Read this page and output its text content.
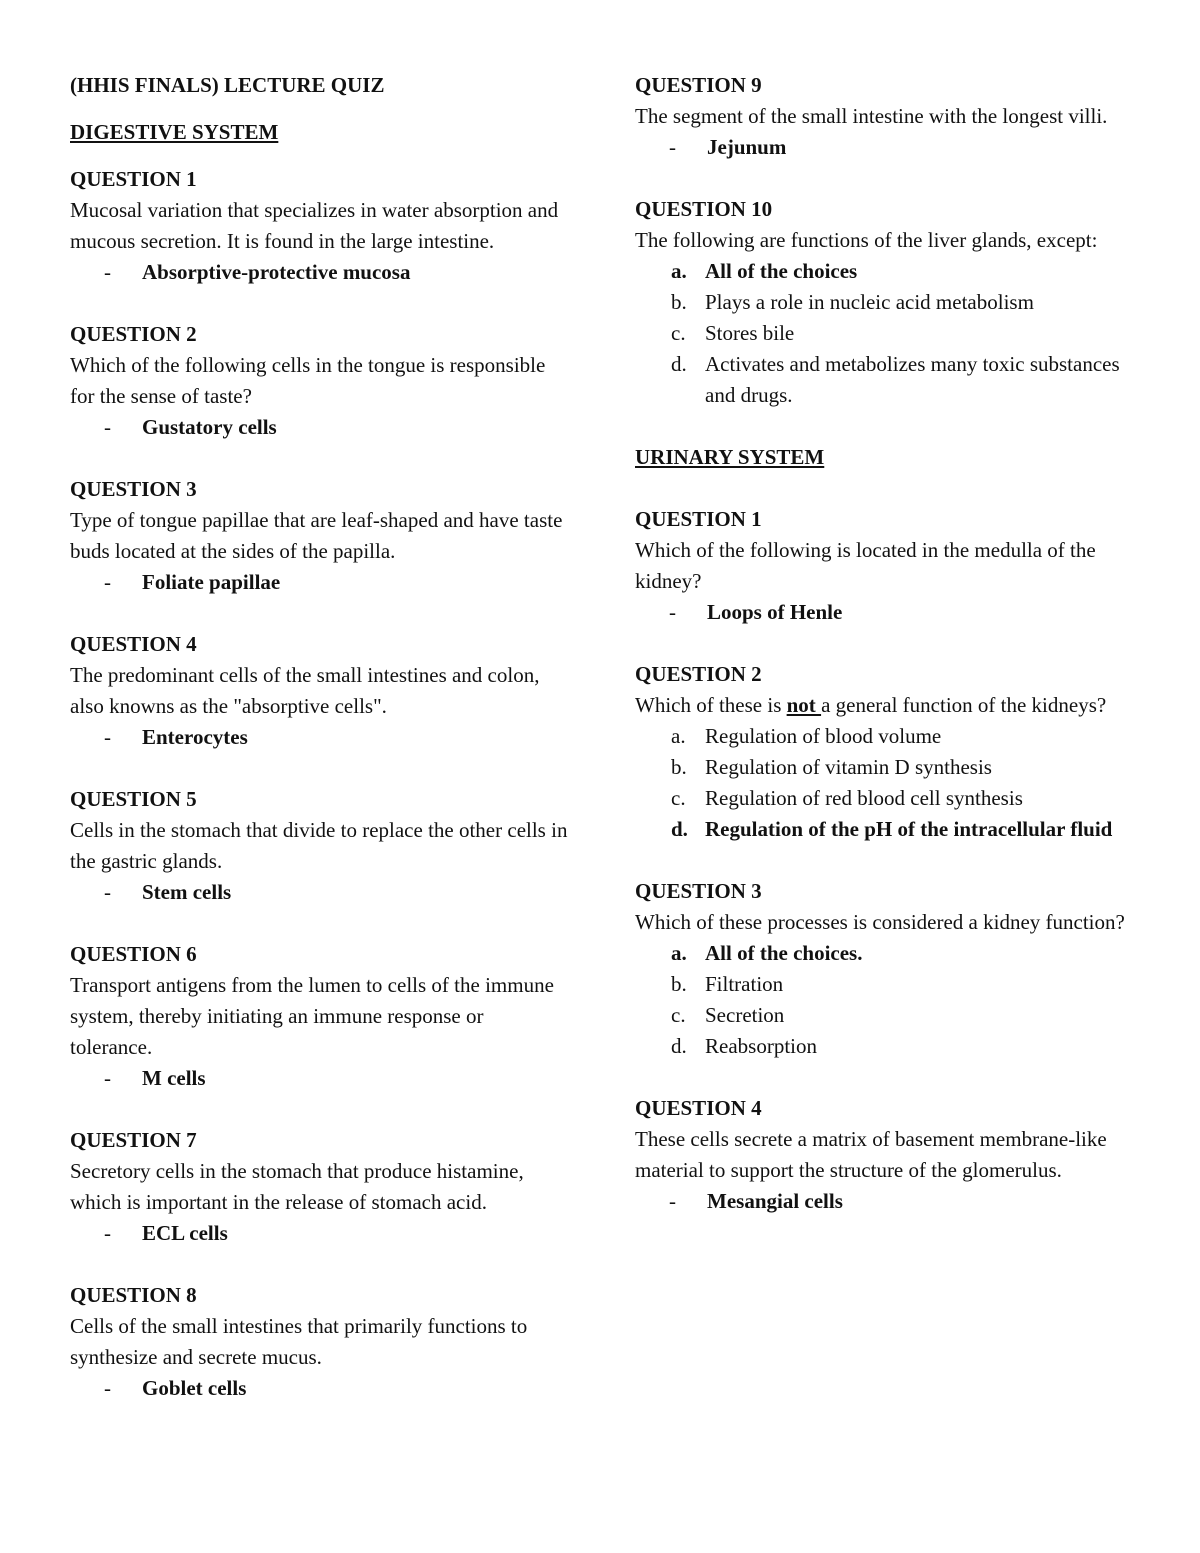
(HHIS FINALS) LECTURE QUIZ
DIGESTIVE SYSTEM
QUESTION 1
Mucosal variation that specializes in water absorption and mucous secretion. It is found in the large intestine.
- Absorptive-protective mucosa
QUESTION 2
Which of the following cells in the tongue is responsible for the sense of taste?
- Gustatory cells
QUESTION 3
Type of tongue papillae that are leaf-shaped and have taste buds located at the sides of the papilla.
- Foliate papillae
QUESTION 4
The predominant cells of the small intestines and colon, also knowns as the "absorptive cells".
- Enterocytes
QUESTION 5
Cells in the stomach that divide to replace the other cells in the gastric glands.
- Stem cells
QUESTION 6
Transport antigens from the lumen to cells of the immune system, thereby initiating an immune response or tolerance.
- M cells
QUESTION 7
Secretory cells in the stomach that produce histamine, which is important in the release of stomach acid.
- ECL cells
QUESTION 8
Cells of the small intestines that primarily functions to synthesize and secrete mucus.
- Goblet cells
QUESTION 9
The segment of the small intestine with the longest villi.
- Jejunum
QUESTION 10
The following are functions of the liver glands, except:
a. All of the choices
b. Plays a role in nucleic acid metabolism
c. Stores bile
d. Activates and metabolizes many toxic substances and drugs.
URINARY SYSTEM
QUESTION 1
Which of the following is located in the medulla of the kidney?
- Loops of Henle
QUESTION 2
Which of these is not a general function of the kidneys?
a. Regulation of blood volume
b. Regulation of vitamin D synthesis
c. Regulation of red blood cell synthesis
d. Regulation of the pH of the intracellular fluid
QUESTION 3
Which of these processes is considered a kidney function?
a. All of the choices.
b. Filtration
c. Secretion
d. Reabsorption
QUESTION 4
These cells secrete a matrix of basement membrane-like material to support the structure of the glomerulus.
- Mesangial cells
